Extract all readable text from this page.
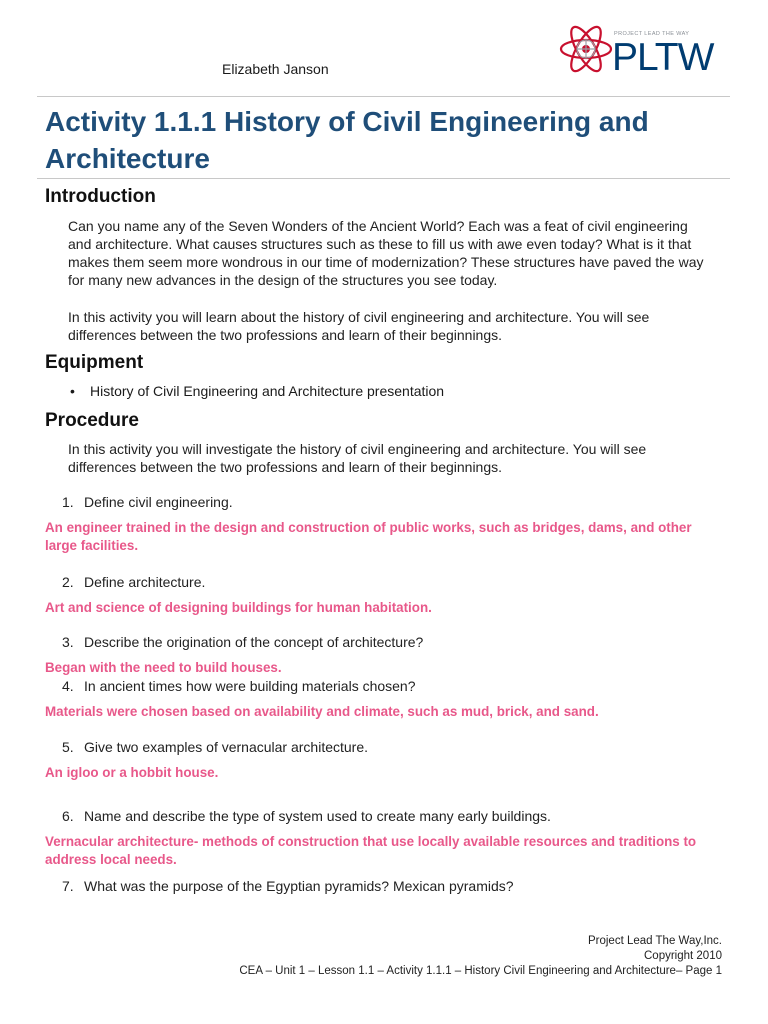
Elizabeth Janson
PROJECT LEAD THE WAY
PLTW
Activity 1.1.1 History of Civil Engineering and Architecture
Introduction

Can you name any of the Seven Wonders of the Ancient World? Each was a feat of civil engineering and architecture. What causes structures such as these to fill us with awe even today? What is it that makes them seem more wondrous in our time of modernization? These structures have paved the way for many new advances in the design of the structures you see today.

In this activity you will learn about the history of civil engineering and architecture. You will see differences between the two professions and learn of their beginnings.

Equipment
• History of Civil Engineering and Architecture presentation
Procedure

In this activity you will investigate the history of civil engineering and architecture. You will see differences between the two professions and learn of their beginnings.

1. Define civil engineering.

An engineer trained in the design and construction of public works, such as bridges, dams, and other large facilities.

2. Define architecture.

Art and science of designing buildings for human habitation.

3. Describe the origination of the concept of architecture?

Began with the need to build houses.

4. In ancient times how were building materials chosen?

Materials were chosen based on availability and climate, such as mud, brick, and sand.

5. Give two examples of vernacular architecture.

An igloo or a hobbit house.

6. Name and describe the type of system used to create many early buildings.

Vernacular architecture- methods of construction that use locally available resources and traditions to address local needs.

7. What was the purpose of the Egyptian pyramids? Mexican pyramids?
Project Lead The Way,Inc.
Copyright 2010
CEA – Unit 1 – Lesson 1.1 – Activity 1.1.1 – History Civil Engineering and Architecture– Page 1
